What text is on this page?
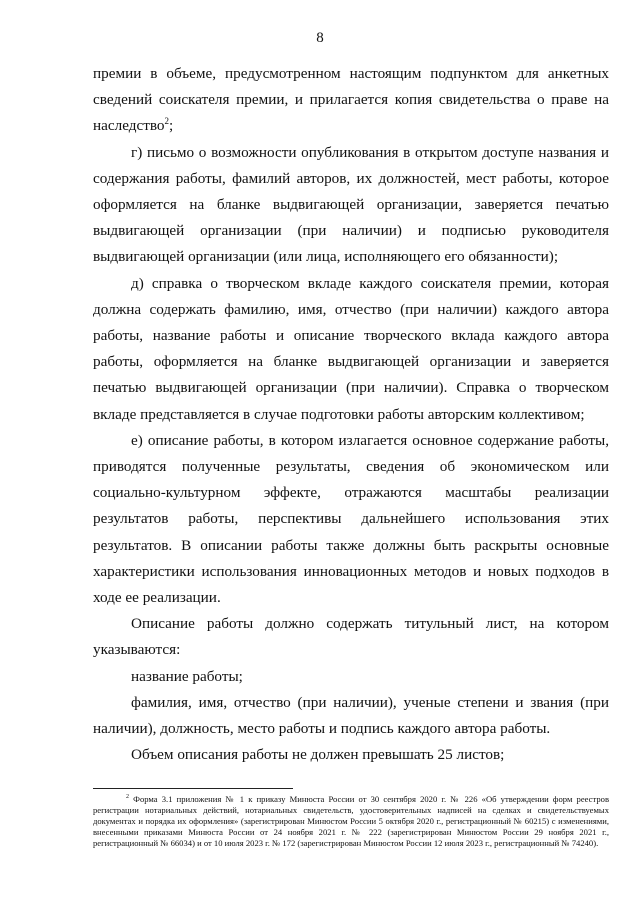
8

премии в объеме, предусмотренном настоящим подпунктом для анкетных сведений соискателя премии, и прилагается копия свидетельства о праве на наследство$^2$;

г) письмо о возможности опубликования в открытом доступе названия и содержания работы, фамилий авторов, их должностей, мест работы, которое оформляется на бланке выдвигающей организации, заверяется печатью выдвигающей организации (при наличии) и подписью руководителя выдвигающей организации (или лица, исполняющего его обязанности);

д) справка о творческом вкладе каждого соискателя премии, которая должна содержать фамилию, имя, отчество (при наличии) каждого автора работы, название работы и описание творческого вклада каждого автора работы, оформляется на бланке выдвигающей организации и заверяется печатью выдвигающей организации (при наличии). Справка о творческом вкладе представляется в случае подготовки работы авторским коллективом;

е) описание работы, в котором излагается основное содержание работы, приводятся полученные результаты, сведения об экономическом или социально-культурном эффекте, отражаются масштабы реализации результатов работы, перспективы дальнейшего использования этих результатов. В описании работы также должны быть раскрыты основные характеристики использования инновационных методов и новых подходов в ходе ее реализации.

Описание работы должно содержать титульный лист, на котором указываются:

название работы;

фамилия, имя, отчество (при наличии), ученые степени и звания (при наличии), должность, место работы и подпись каждого автора работы.

Объем описания работы не должен превышать 25 листов;

$^2$ Форма 3.1 приложения № 1 к приказу Минюста России от 30 сентября 2020 г. № 226 «Об утверждении форм реестров регистрации нотариальных действий, нотариальных свидетельств, удостоверительных надписей на сделках и свидетельствуемых документах и порядка их оформления» (зарегистрирован Минюстом России 5 октября 2020 г., регистрационный № 60215) с изменениями, внесенными приказами Минюста России от 24 ноября 2021 г. № 222 (зарегистрирован Минюстом России 29 ноября 2021 г., регистрационный № 66034) и от 10 июля 2023 г. № 172 (зарегистрирован Минюстом России 12 июля 2023 г., регистрационный № 74240).
